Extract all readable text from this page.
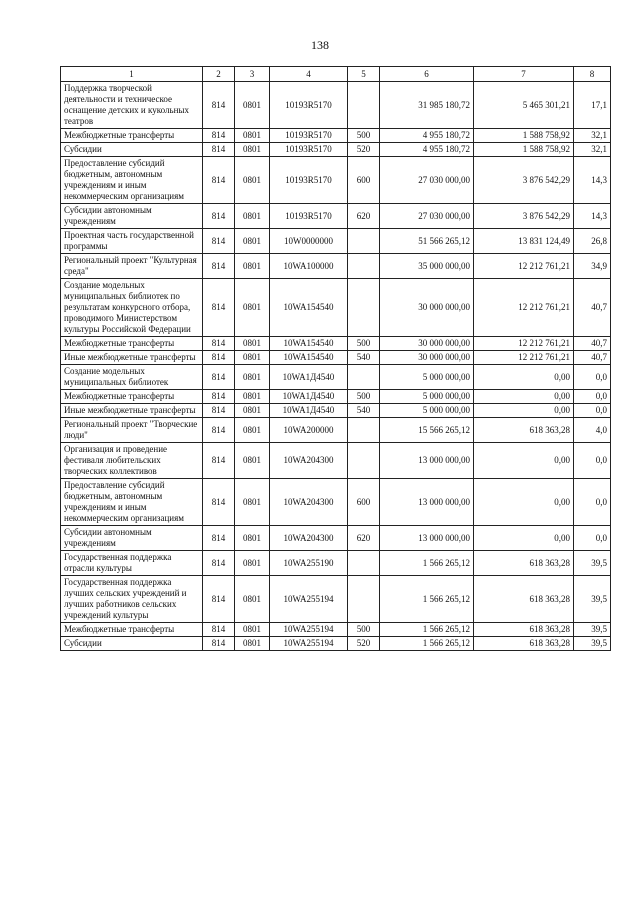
138
1	2	3	4	5	6	7	8
Поддержка творческой деятельности и техническое оснащение детских и кукольных театров	814	0801	10193R5170		31 985 180,72	5 465 301,21	17,1
Межбюджетные трансферты	814	0801	10193R5170	500	4 955 180,72	1 588 758,92	32,1
Субсидии	814	0801	10193R5170	520	4 955 180,72	1 588 758,92	32,1
Предоставление субсидий бюджетным, автономным учреждениям и иным некоммерческим организациям	814	0801	10193R5170	600	27 030 000,00	3 876 542,29	14,3
Субсидии автономным учреждениям	814	0801	10193R5170	620	27 030 000,00	3 876 542,29	14,3
Проектная часть государственной программы	814	0801	10W0000000		51 566 265,12	13 831 124,49	26,8
Региональный проект "Культурная среда"	814	0801	10WA100000		35 000 000,00	12 212 761,21	34,9
Создание модельных муниципальных библиотек по результатам конкурсного отбора, проводимого Министерством культуры Российской Федерации	814	0801	10WA154540		30 000 000,00	12 212 761,21	40,7
Межбюджетные трансферты	814	0801	10WA154540	500	30 000 000,00	12 212 761,21	40,7
Иные межбюджетные трансферты	814	0801	10WA154540	540	30 000 000,00	12 212 761,21	40,7
Создание модельных муниципальных библиотек	814	0801	10WA1Д4540		5 000 000,00	0,00	0,0
Межбюджетные трансферты	814	0801	10WA1Д4540	500	5 000 000,00	0,00	0,0
Иные межбюджетные трансферты	814	0801	10WA1Д4540	540	5 000 000,00	0,00	0,0
Региональный проект "Творческие люди"	814	0801	10WA200000		15 566 265,12	618 363,28	4,0
Организация и проведение фестиваля любительских творческих коллективов	814	0801	10WA204300		13 000 000,00	0,00	0,0
Предоставление субсидий бюджетным, автономным учреждениям и иным некоммерческим организациям	814	0801	10WA204300	600	13 000 000,00	0,00	0,0
Субсидии автономным учреждениям	814	0801	10WA204300	620	13 000 000,00	0,00	0,0
Государственная поддержка отрасли культуры	814	0801	10WA255190		1 566 265,12	618 363,28	39,5
Государственная поддержка лучших сельских учреждений и лучших работников сельских учреждений культуры	814	0801	10WA255194		1 566 265,12	618 363,28	39,5
Межбюджетные трансферты	814	0801	10WA255194	500	1 566 265,12	618 363,28	39,5
Субсидии	814	0801	10WA255194	520	1 566 265,12	618 363,28	39,5
